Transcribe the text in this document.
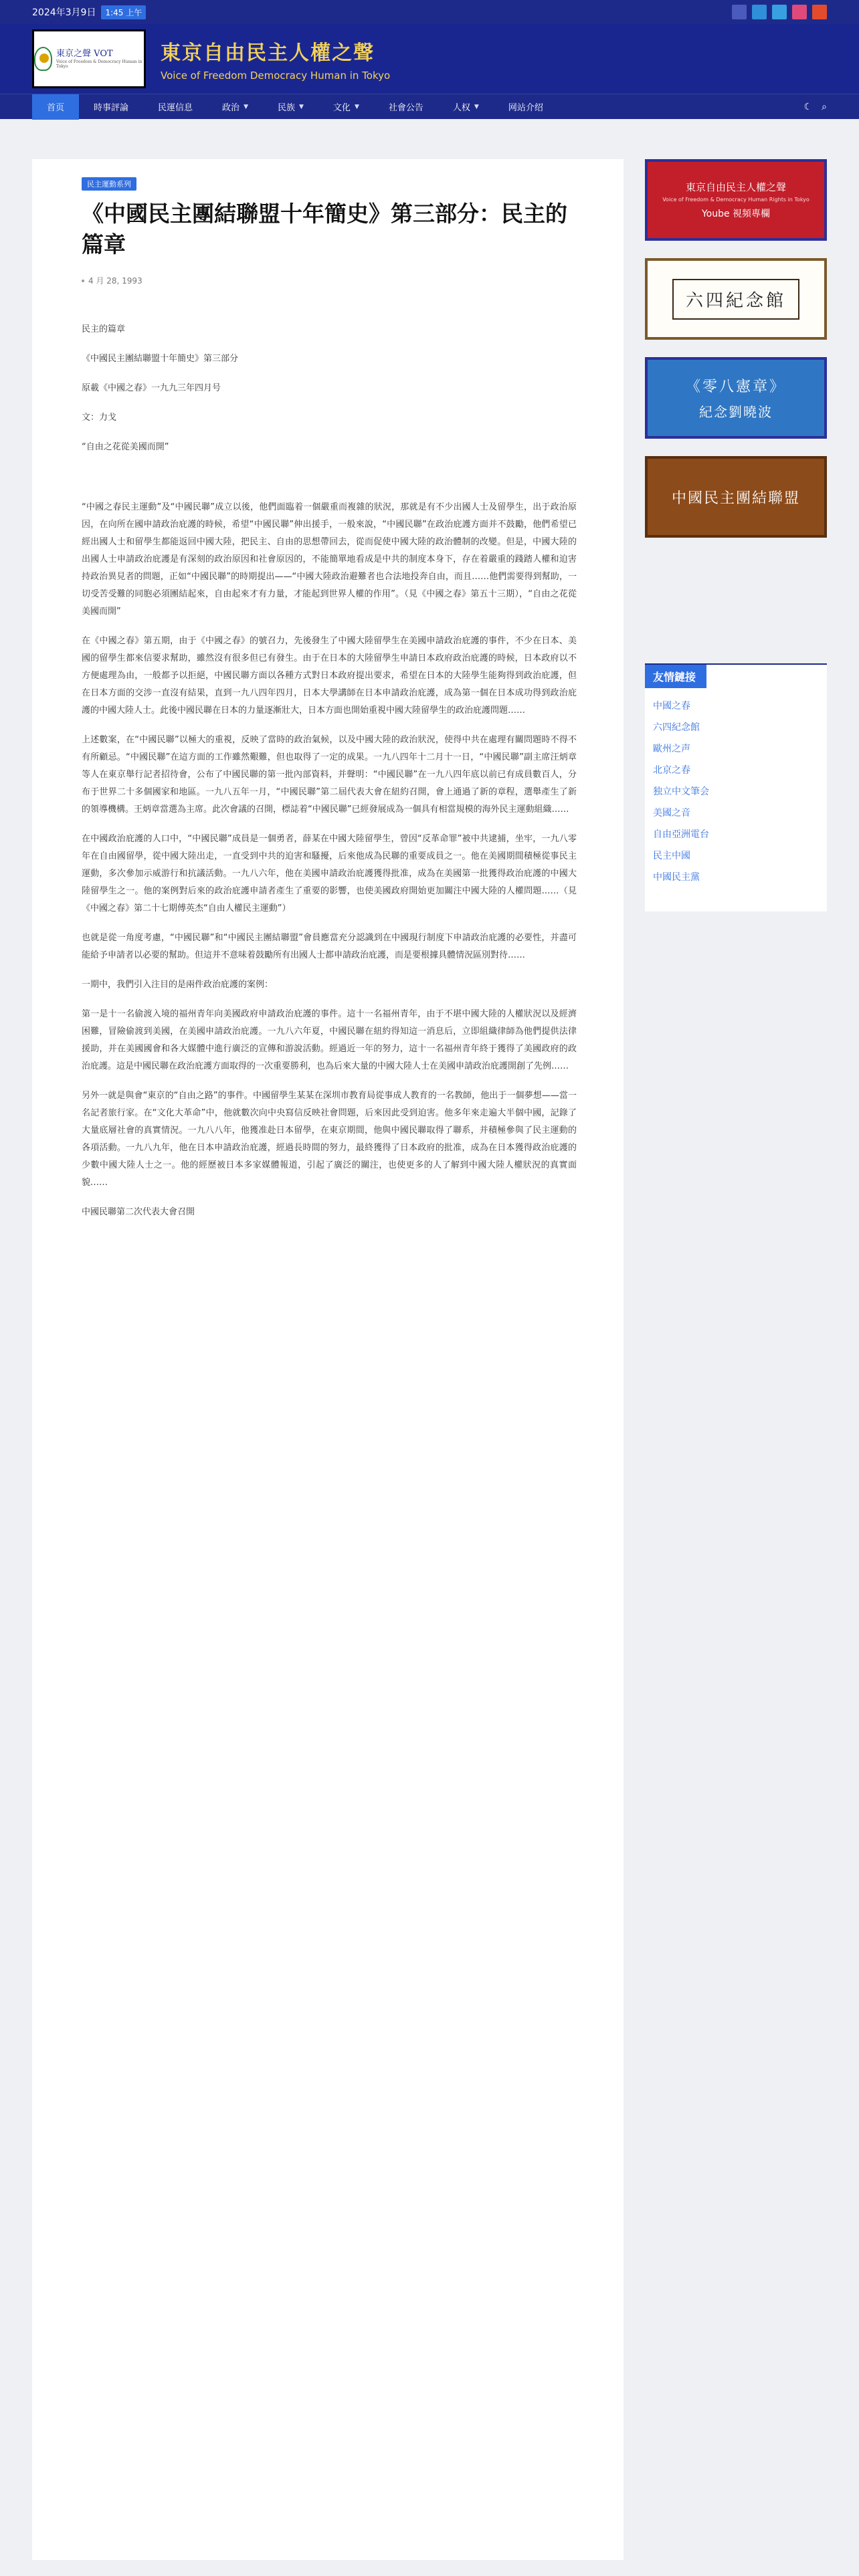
2024年3月9日	1:45 上午
東京之聲 VOT
Voice of Freedom & Democracy Human in Tokyo
東京自由民主人權之聲
Voice of Freedom Democracy Human in Tokyo
首页	時事評論	民運信息	政治 ▼	民族 ▼	文化 ▼	社會公告	人权 ▼	网站介绍	☾ ⌕
民主運動系列
《中國民主團結聯盟十年簡史》第三部分：民主的篇章
4 月 28, 1993

民主的篇章

《中國民主團結聯盟十年簡史》第三部分

原載《中國之春》一九九三年四月号

文：力戈

“自由之花從美國而開”

“中國之春民主運動”及“中國民聯”成立以後，他們面臨着一個嚴重而複雜的狀況，那就是有不少出國人士及留學生，出于政治原因，在向所在國申請政治庇護的時候，希望“中國民聯”伸出援手，一般來說，“中國民聯”在政治庇護方面并不鼓勵，他們希望已經出國人士和留學生都能返回中國大陸，把民主、自由的思想帶回去，從而促使中國大陸的政治體制的改變。但是，中國大陸的出國人士申請政治庇護是有深刻的政治原因和社會原因的，不能簡單地看成是中共的制度本身下，存在着嚴重的踐踏人權和迫害持政治異見者的問題，正如“中國民聯”的時期提出——“中國大陸政治避難者也合法地投奔自由，而且……他們需要得到幫助，一切受苦受難的同胞必須團結起來，自由起來才有力量，才能起到世界人權的作用”。（見《中國之春》第五十三期），“自由之花從美國而開”

在《中國之春》第五期，由于《中國之春》的號召力，先後發生了中國大陸留學生在美國申請政治庇護的事件，不少在日本、美國的留學生都來信要求幫助，雖然沒有很多但已有發生。由于在日本的大陸留學生申請日本政府政治庇護的時候，日本政府以不方便處理為由，一般都予以拒絕，中國民聯方面以各種方式對日本政府提出要求，希望在日本的大陸學生能夠得到政治庇護，但在日本方面的交涉一直沒有結果，直到一九八四年四月，日本大學講師在日本申請政治庇護，成為第一個在日本成功得到政治庇護的中國大陸人士。此後中國民聯在日本的力量逐漸壯大，日本方面也開始重視中國大陸留學生的政治庇護問題……

上述數案，在“中國民聯”以極大的重視，反映了當時的政治氣候，以及中國大陸的政治狀況，使得中共在處理有關問題時不得不有所顧忌。“中國民聯”在這方面的工作雖然艱難，但也取得了一定的成果。一九八四年十二月十一日，“中國民聯”副主席汪炳章等人在東京舉行記者招待會，公布了中國民聯的第一批內部資料，并聲明：“中國民聯”在一九八四年底以前已有成員數百人，分布于世界二十多個國家和地區。一九八五年一月，“中國民聯”第二屆代表大會在紐約召開，會上通過了新的章程，選舉產生了新的領導機構。王炳章當選為主席。此次會議的召開，標誌着“中國民聯”已經發展成為一個具有相當規模的海外民主運動組織……

在中國政治庇護的人口中，“中國民聯”成員是一個勇者，薛某在中國大陸留學生，曾因“反革命罪”被中共逮捕，坐牢，一九八零年在自由國留學，從中國大陸出走，一直受到中共的迫害和騷擾，后來他成為民聯的重要成員之一。他在美國期間積極從事民主運動，多次參加示威游行和抗議活動。一九八六年，他在美國申請政治庇護獲得批准，成為在美國第一批獲得政治庇護的中國大陸留學生之一。他的案例對后來的政治庇護申請者產生了重要的影響，也使美國政府開始更加關注中國大陸的人權問題……（見《中國之春》第二十七期傅英杰“自由人權民主運動”）

也就是從一角度考慮，“中國民聯”和“中國民主團結聯盟”會員應當充分認識到在中國現行制度下申請政治庇護的必要性，并盡可能給予申請者以必要的幫助。但這并不意味着鼓勵所有出國人士都申請政治庇護，而是要根據具體情況區別對待……

一期中，我們引入注目的是兩件政治庇護的案例：

第一是十一名偷渡入境的福州青年向美國政府申請政治庇護的事件。這十一名福州青年，由于不堪中國大陸的人權狀況以及經濟困難，冒險偷渡到美國，在美國申請政治庇護。一九八六年夏，中國民聯在紐約得知這一消息后，立即組織律師為他們提供法律援助，并在美國國會和各大媒體中進行廣泛的宣傳和游說活動。經過近一年的努力，這十一名福州青年終于獲得了美國政府的政治庇護。這是中國民聯在政治庇護方面取得的一次重要勝利，也為后來大量的中國大陸人士在美國申請政治庇護開創了先例……

另外一就是與會“東京的“自由之路”的事件。中國留學生某某在深圳市教育局從事成人教育的一名教師，他出于一個夢想——當一名記者旅行家。在“文化大革命”中，他就數次向中央寫信反映社會問題，后來因此受到迫害。他多年來走遍大半個中國，記錄了大量底層社會的真實情況。一九八八年，他獲准赴日本留學，在東京期間，他與中國民聯取得了聯系，并積極參與了民主運動的各項活動。一九八九年，他在日本申請政治庇護，經過長時間的努力，最終獲得了日本政府的批准，成為在日本獲得政治庇護的少數中國大陸人士之一。他的經歷被日本多家媒體報道，引起了廣泛的關注，也使更多的人了解到中國大陸人權狀況的真實面貌……

中國民聯第二次代表大會召開

東京自由民主人權之聲
Voice of Freedom & Democracy Human Rights in Tokyo
Yoube 視頻專欄
六四紀念館
《零八憲章》
紀念劉曉波
中國民主團結聯盟
友情鏈接
中國之春
六四紀念館
歐州之声
北京之春
独立中文筆会
美國之音
自由亞洲電台
民主中國
中國民主黨
